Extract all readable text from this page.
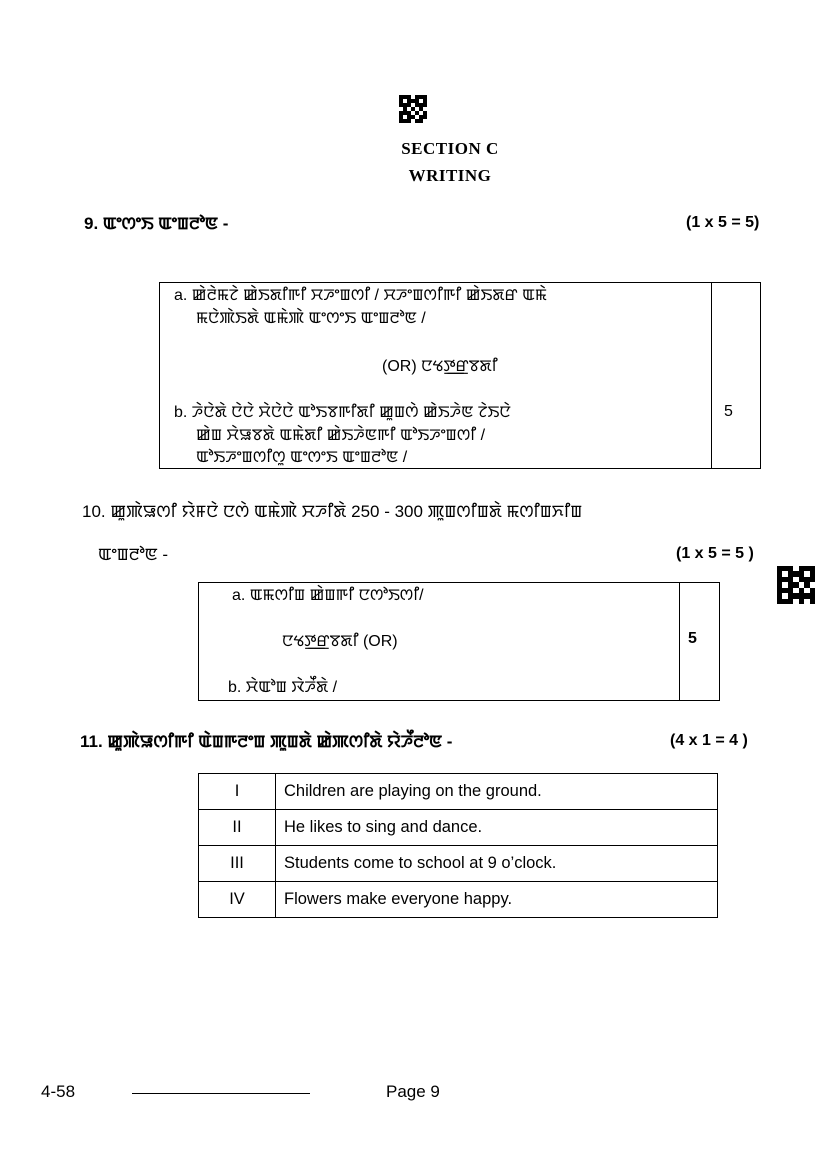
SECTION C
WRITING
9. ꯑꯦꯁꯦꯏ ꯑꯦꯡꯂꯣꯟ -	(1 x 5 = 5)
a. ꯀꯥꯂꯥꯃꯖꯥ ꯀꯥꯏꯗꯤꯒꯤ ꯆꯍꯦꯡꯁꯤ / ꯆꯍꯦꯡꯁꯤꯒꯤ ꯀꯥꯏꯗꯔ ꯑꯃꯥ
ꯃꯅꯥꯄꯥꯏꯗꯥ ꯑꯃꯥꯄꯥ ꯑꯦꯁꯦꯏ ꯑꯦꯡꯂꯣꯟ /
(OR) ꯅꯠꯇ꯭ꯔꯕꯗꯤ
b. ꯍꯥꯅꯥꯗꯥ ꯅꯥꯅꯥ ꯆꯥꯅꯥꯅꯥ ꯑꯣꯏꯕꯒꯤꯗꯤ ꯀꯨꯡꯁꯥ ꯀꯥꯏꯍꯥꯟ ꯖꯥꯏꯅꯥ
ꯀꯥꯡ ꯆꯥꯎꯕꯗꯥ ꯑꯃꯥꯗꯤ ꯀꯥꯏꯍꯥꯟꯒꯤ ꯑꯣꯏꯍꯦꯡꯁꯤ /
ꯑꯣꯏꯍꯦꯡꯁꯤꯁꯨ ꯑꯦꯁꯦꯏ ꯑꯦꯡꯂꯣꯟ /
5
10. ꯀꯨꯄꯥꯎꯁꯤ ꯌꯥꯝꯅꯥ ꯅꯁꯥ ꯑꯃꯥꯄꯥ ꯆꯍꯤꯗꯥ 250 - 300 ꯄꯨꯡꯁꯤꯡꯗꯥ ꯃꯁꯤꯡꯈꯤꯡ
ꯑꯦꯡꯂꯣꯟ -	(1 x 5 = 5 )
a. ꯑꯃꯁꯤꯡ ꯀꯥꯡꯒꯤ ꯅꯁꯣꯏꯁꯤ/
ꯅꯠꯇ꯭ꯔꯕꯗꯤ (OR)
b. ꯆꯥꯑꯣꯡ ꯋꯥꯍꯩꯗꯥ /
5
11. ꯀꯨꯄꯥꯎꯁꯤꯒꯤ ꯑꯥꯡꯒꯂꯦꯡ ꯄꯨꯡꯗꯥ ꯀꯥꯄꯁꯤꯗꯥ ꯌꯥꯍꯩꯂꯣꯟ -	(4 x 1 = 4 )
I	Children are playing on the ground.
II	He likes to sing and dance.
III	Students come to school at 9 o’clock.
IV	Flowers make everyone happy.
4-58	Page 9
